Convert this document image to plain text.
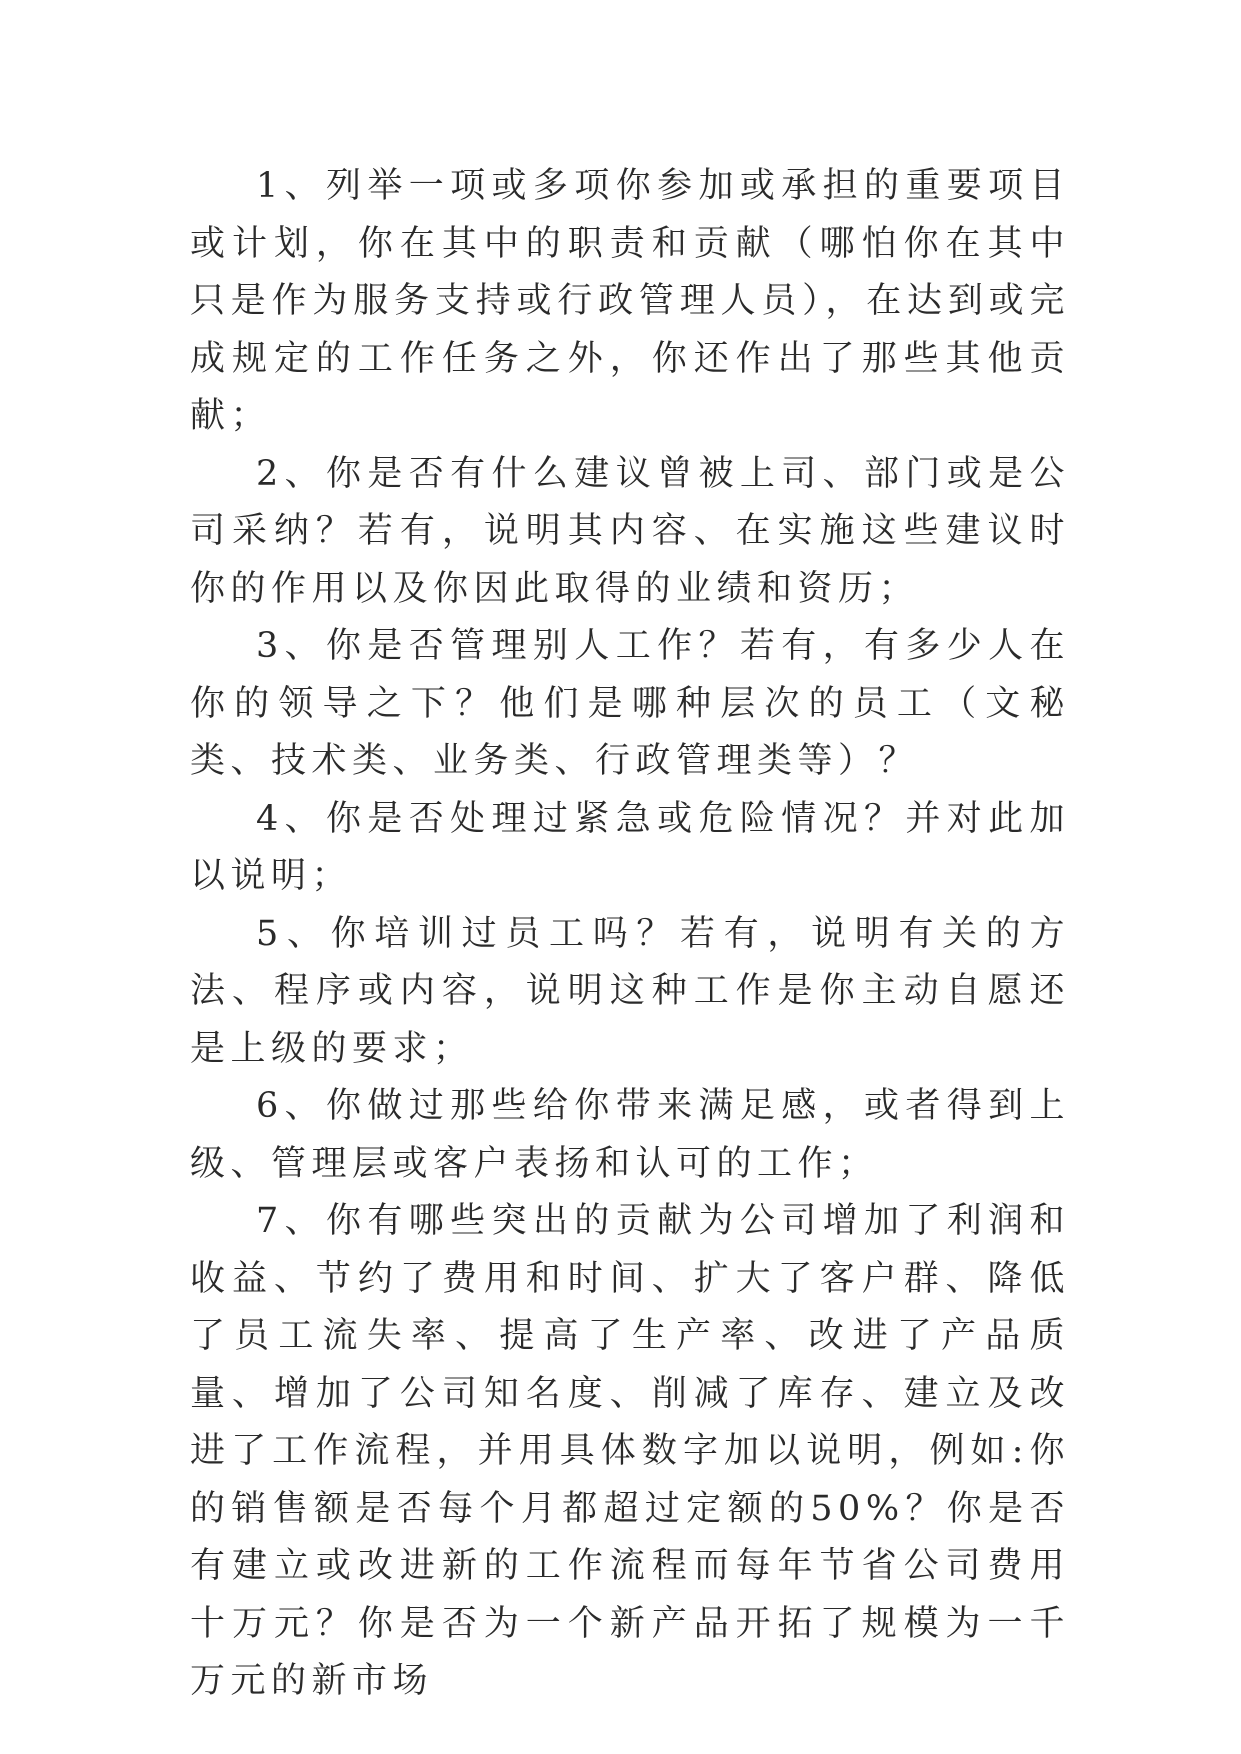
1、列举一项或多项你参加或承担的重要项目或计划，你在其中的职责和贡献（哪怕你在其中只是作为服务支持或行政管理人员），在达到或完成规定的工作任务之外，你还作出了那些其他贡献；

2、你是否有什么建议曾被上司、部门或是公司采纳？若有，说明其内容、在实施这些建议时你的作用以及你因此取得的业绩和资历；

3、你是否管理别人工作？若有，有多少人在你的领导之下？他们是哪种层次的员工（文秘类、技术类、业务类、行政管理类等）？

4、你是否处理过紧急或危险情况？并对此加以说明；

5、你培训过员工吗？若有，说明有关的方法、程序或内容，说明这种工作是你主动自愿还是上级的要求；

6、你做过那些给你带来满足感，或者得到上级、管理层或客户表扬和认可的工作；

7、你有哪些突出的贡献为公司增加了利润和收益、节约了费用和时间、扩大了客户群、降低了员工流失率、提高了生产率、改进了产品质量、增加了公司知名度、削减了库存、建立及改进了工作流程，并用具体数字加以说明，例如:你的销售额是否每个月都超过定额的50%？你是否有建立或改进新的工作流程而每年节省公司费用十万元？你是否为一个新产品开拓了规模为一千万元的新市场
